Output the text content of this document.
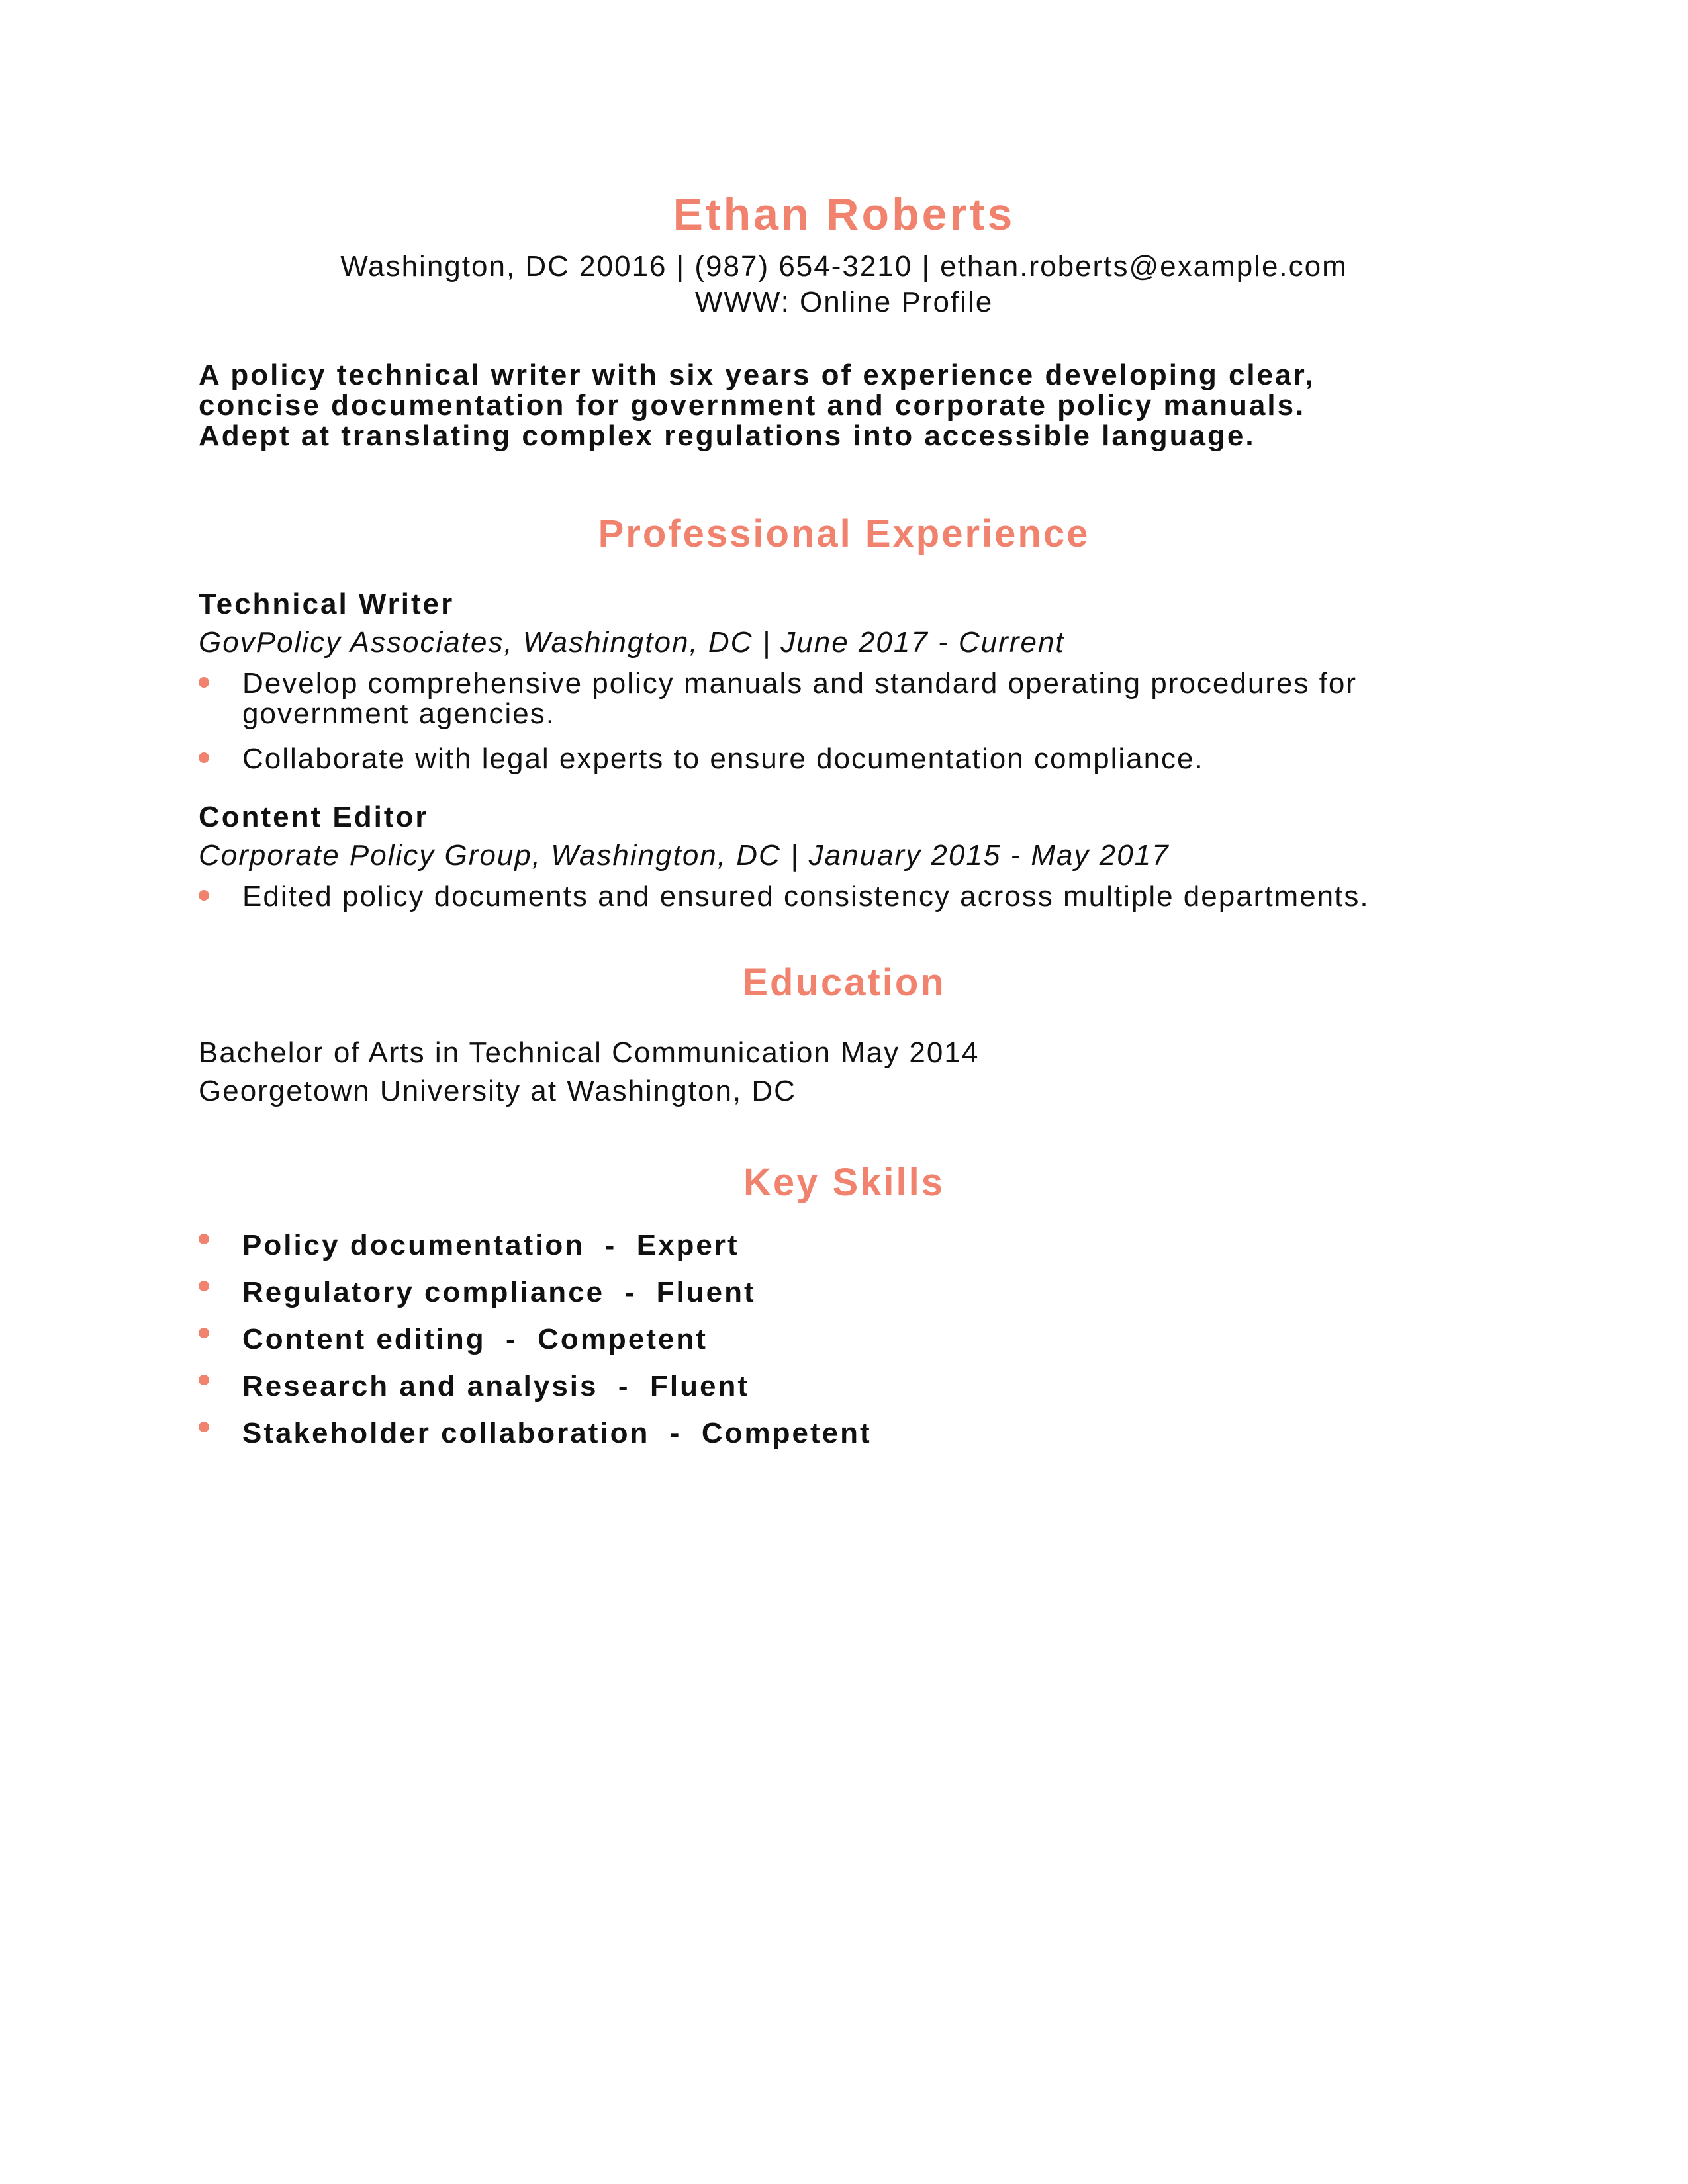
Ethan Roberts
Washington, DC 20016 | (987) 654-3210 | ethan.roberts@example.com
WWW: Online Profile
A policy technical writer with six years of experience developing clear,
concise documentation for government and corporate policy manuals.
Adept at translating complex regulations into accessible language.
Professional Experience
Technical Writer
GovPolicy Associates, Washington, DC | June 2017 - Current
Develop comprehensive policy manuals and standard operating procedures for government agencies.
Collaborate with legal experts to ensure documentation compliance.
Content Editor
Corporate Policy Group, Washington, DC | January 2015 - May 2017
Edited policy documents and ensured consistency across multiple departments.
Education
Bachelor of Arts in Technical Communication May 2014
Georgetown University at Washington, DC
Key Skills
Policy documentation  -  Expert
Regulatory compliance  -  Fluent
Content editing  -  Competent
Research and analysis  -  Fluent
Stakeholder collaboration  -  Competent
